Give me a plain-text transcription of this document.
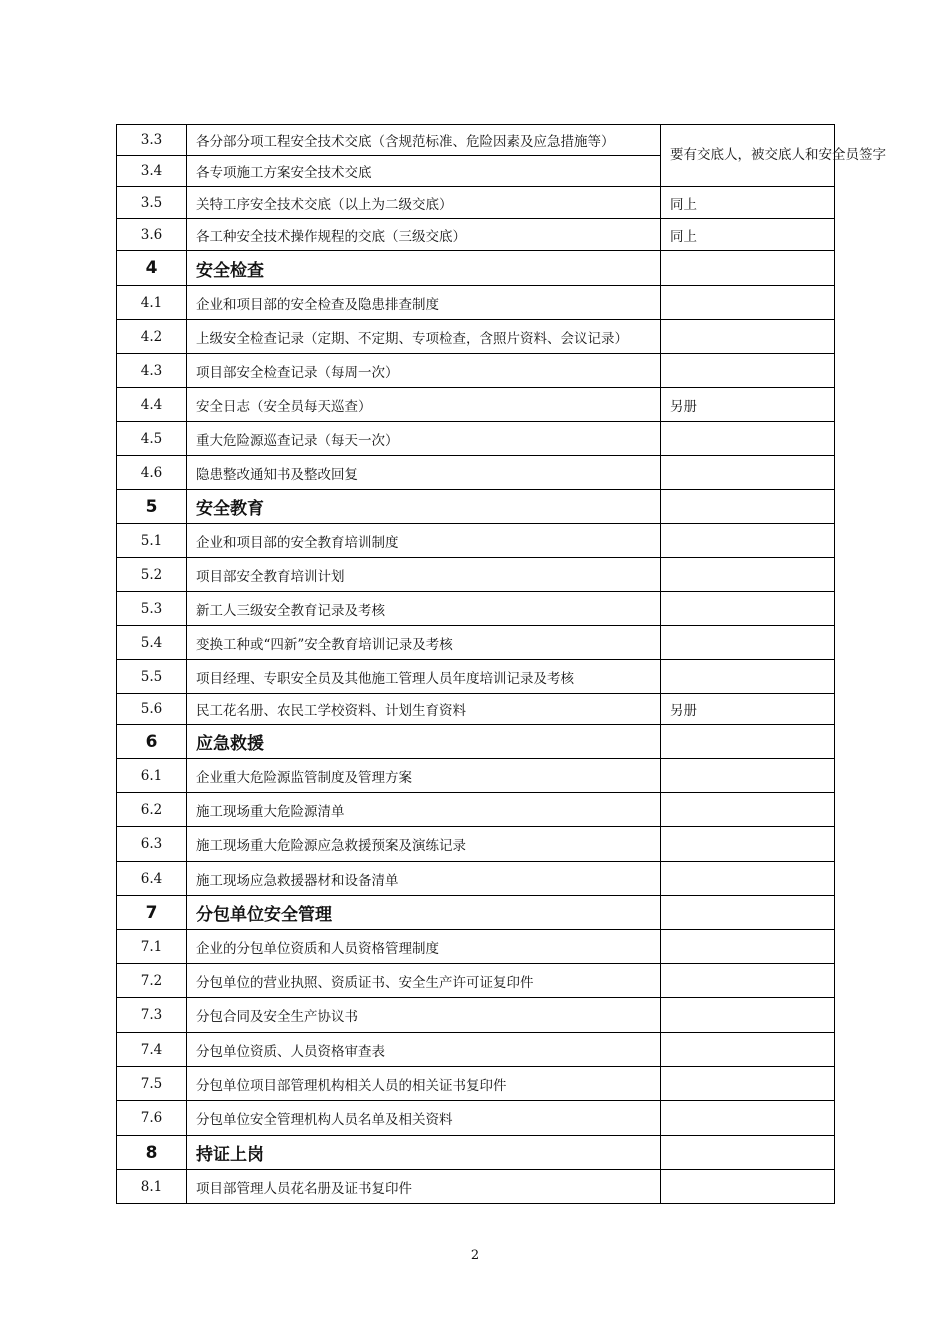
3.3	各分部分项工程安全技术交底（含规范标准、危险因素及应急措施等）	要有交底人，被交底人和安全员签字
3.4	各专项施工方案安全技术交底	
3.5	关特工序安全技术交底（以上为二级交底）	同上
3.6	各工种安全技术操作规程的交底（三级交底）	同上
4	安全检查	
4.1	企业和项目部的安全检查及隐患排查制度	
4.2	上级安全检查记录（定期、不定期、专项检查，含照片资料、会议记录）	
4.3	项目部安全检查记录（每周一次）	
4.4	安全日志（安全员每天巡查）	另册
4.5	重大危险源巡查记录（每天一次）	
4.6	隐患整改通知书及整改回复	
5	安全教育	
5.1	企业和项目部的安全教育培训制度	
5.2	项目部安全教育培训计划	
5.3	新工人三级安全教育记录及考核	
5.4	变换工种或“四新”安全教育培训记录及考核	
5.5	项目经理、专职安全员及其他施工管理人员年度培训记录及考核	
5.6	民工花名册、农民工学校资料、计划生育资料	另册
6	应急救援	
6.1	企业重大危险源监管制度及管理方案	
6.2	施工现场重大危险源清单	
6.3	施工现场重大危险源应急救援预案及演练记录	
6.4	施工现场应急救援器材和设备清单	
7	分包单位安全管理	
7.1	企业的分包单位资质和人员资格管理制度	
7.2	分包单位的营业执照、资质证书、安全生产许可证复印件	
7.3	分包合同及安全生产协议书	
7.4	分包单位资质、人员资格审查表	
7.5	分包单位项目部管理机构相关人员的相关证书复印件	
7.6	分包单位安全管理机构人员名单及相关资料	
8	持证上岗	
8.1	项目部管理人员花名册及证书复印件	
2
